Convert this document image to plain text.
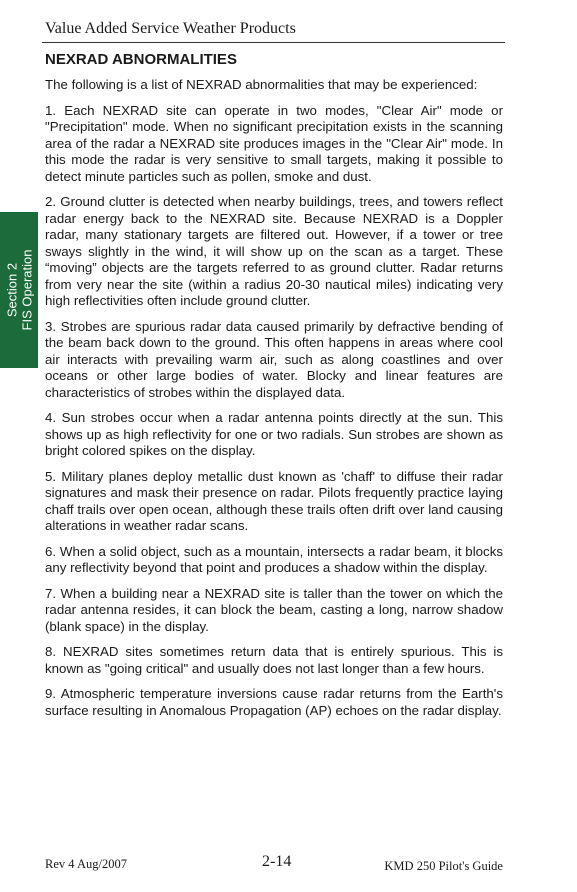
Value Added Service Weather Products
Section 2 FIS Operation
NEXRAD ABNORMALITIES

The following is a list of NEXRAD abnormalities that may be experienced:

1. Each NEXRAD site can operate in two modes, "Clear Air" mode or "Precipitation" mode. When no significant precipitation exists in the scanning area of the radar a NEXRAD site produces images in the "Clear Air" mode. In this mode the radar is very sensitive to small targets, making it possible to detect minute particles such as pollen, smoke and dust.

2. Ground clutter is detected when nearby buildings, trees, and towers reflect radar energy back to the NEXRAD site. Because NEXRAD is a Doppler radar, many stationary targets are filtered out. However, if a tower or tree sways slightly in the wind, it will show up on the scan as a target. These “moving” objects are the targets referred to as ground clutter. Radar returns from very near the site (within a radius 20-30 nautical miles) indicating very high reflectivities often include ground clutter.

3. Strobes are spurious radar data caused primarily by defractive bending of the beam back down to the ground. This often happens in areas where cool air interacts with prevailing warm air, such as along coastlines and over oceans or other large bodies of water. Blocky and linear features are characteristics of strobes within the displayed data.

4. Sun strobes occur when a radar antenna points directly at the sun. This shows up as high reflectivity for one or two radials. Sun strobes are shown as bright colored spikes on the display.

5. Military planes deploy metallic dust known as 'chaff' to diffuse their radar signatures and mask their presence on radar. Pilots frequently practice laying chaff trails over open ocean, although these trails often drift over land causing alterations in weather radar scans.

6. When a solid object, such as a mountain, intersects a radar beam, it blocks any reflectivity beyond that point and produces a shadow within the display.

7. When a building near a NEXRAD site is taller than the tower on which the radar antenna resides, it can block the beam, casting a long, narrow shadow (blank space) in the display.

8. NEXRAD sites sometimes return data that is entirely spurious. This is known as "going critical" and usually does not last longer than a few hours.

9. Atmospheric temperature inversions cause radar returns from the Earth's surface resulting in Anomalous Propagation (AP) echoes on the radar display.

Rev 4 Aug/2007	2-14	KMD 250 Pilot's Guide
